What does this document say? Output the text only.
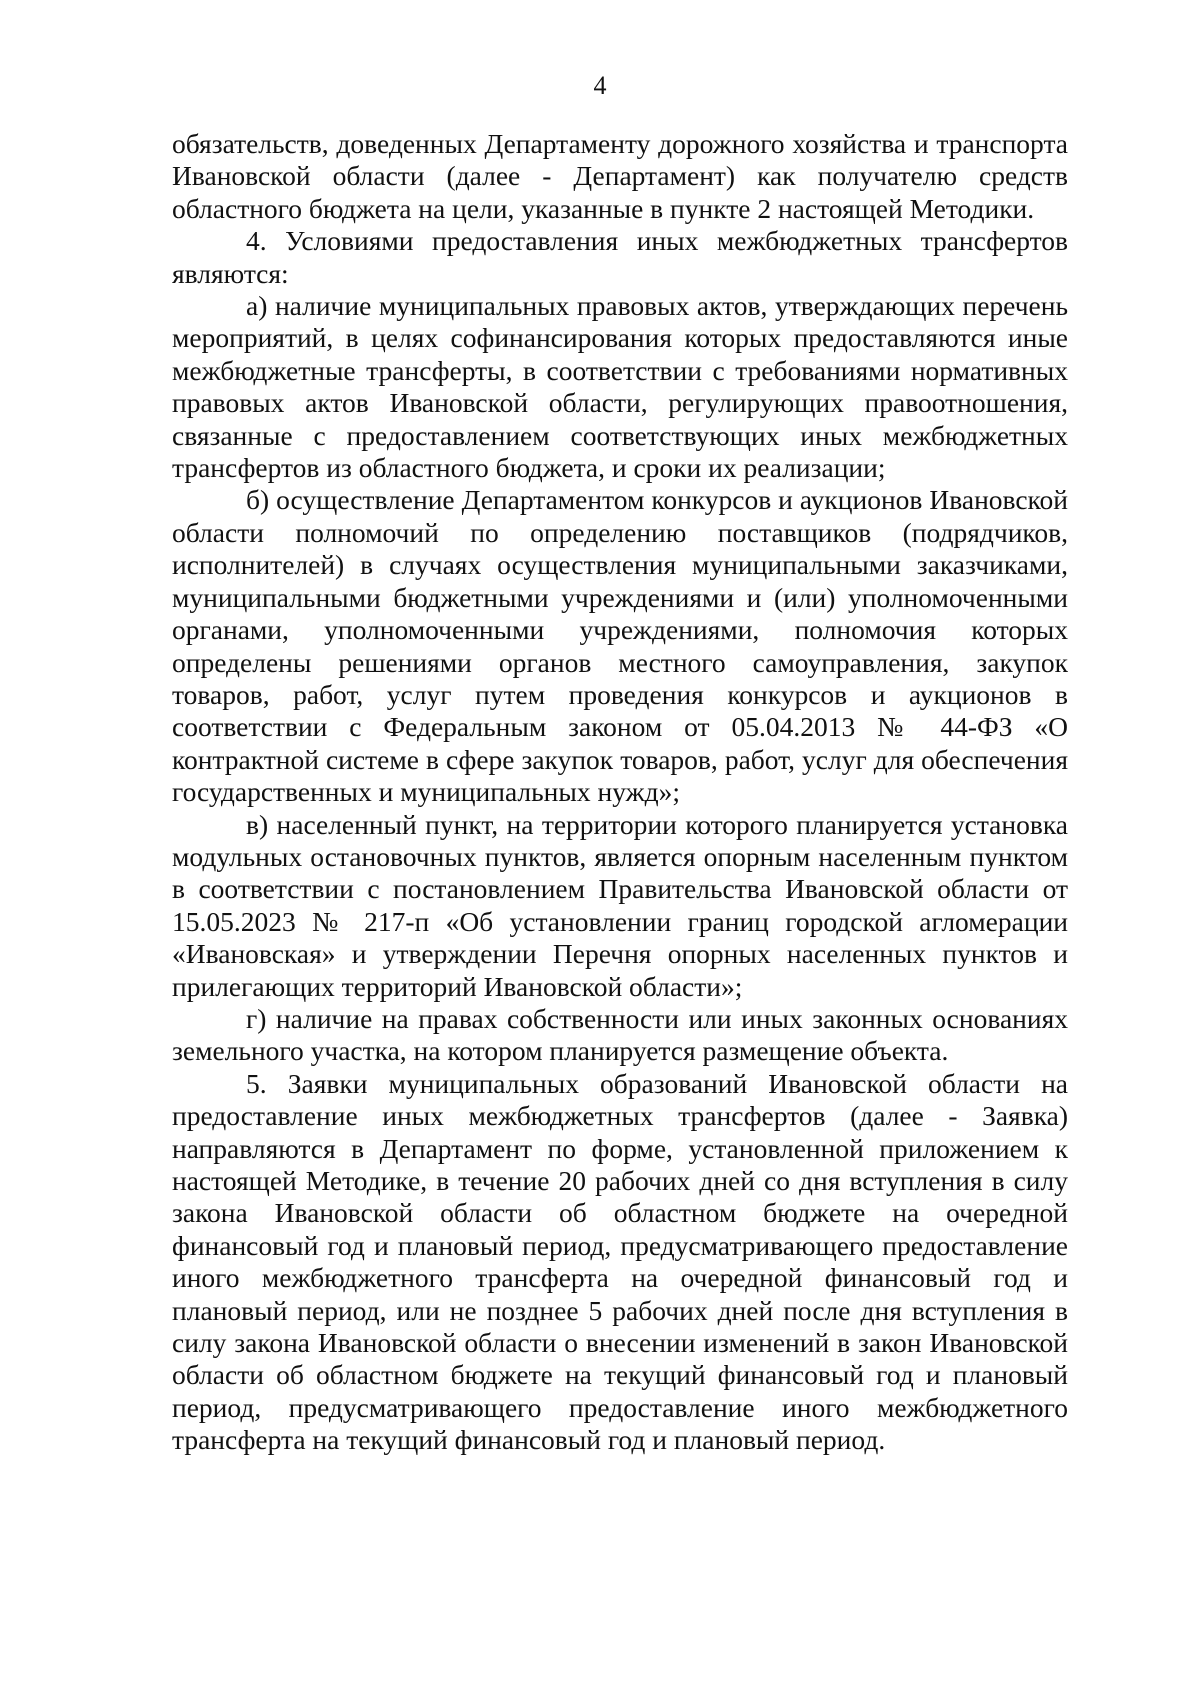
4

обязательств, доведенных Департаменту дорожного хозяйства и транспорта Ивановской области (далее - Департамент) как получателю средств областного бюджета на цели, указанные в пункте 2 настоящей Методики.

4. Условиями предоставления иных межбюджетных трансфертов являются:

а) наличие муниципальных правовых актов, утверждающих перечень мероприятий, в целях софинансирования которых предоставляются иные межбюджетные трансферты, в соответствии с требованиями нормативных правовых актов Ивановской области, регулирующих правоотношения, связанные с предоставлением соответствующих иных межбюджетных трансфертов из областного бюджета, и сроки их реализации;

б) осуществление Департаментом конкурсов и аукционов Ивановской области полномочий по определению поставщиков (подрядчиков, исполнителей) в случаях осуществления муниципальными заказчиками, муниципальными бюджетными учреждениями и (или) уполномоченными органами, уполномоченными учреждениями, полномочия которых определены решениями органов местного самоуправления, закупок товаров, работ, услуг путем проведения конкурсов и аукционов в соответствии с Федеральным законом от 05.04.2013 № 44-ФЗ «О контрактной системе в сфере закупок товаров, работ, услуг для обеспечения государственных и муниципальных нужд»;

в) населенный пункт, на территории которого планируется установка модульных остановочных пунктов, является опорным населенным пунктом в соответствии с постановлением Правительства Ивановской области от 15.05.2023 № 217-п «Об установлении границ городской агломерации «Ивановская» и утверждении Перечня опорных населенных пунктов и прилегающих территорий Ивановской области»;

г) наличие на правах собственности или иных законных основаниях земельного участка, на котором планируется размещение объекта.

5. Заявки муниципальных образований Ивановской области на предоставление иных межбюджетных трансфертов (далее - Заявка) направляются в Департамент по форме, установленной приложением к настоящей Методике, в течение 20 рабочих дней со дня вступления в силу закона Ивановской области об областном бюджете на очередной финансовый год и плановый период, предусматривающего предоставление иного межбюджетного трансферта на очередной финансовый год и плановый период, или не позднее 5 рабочих дней после дня вступления в силу закона Ивановской области о внесении изменений в закон Ивановской области об областном бюджете на текущий финансовый год и плановый период, предусматривающего предоставление иного межбюджетного трансферта на текущий финансовый год и плановый период.
